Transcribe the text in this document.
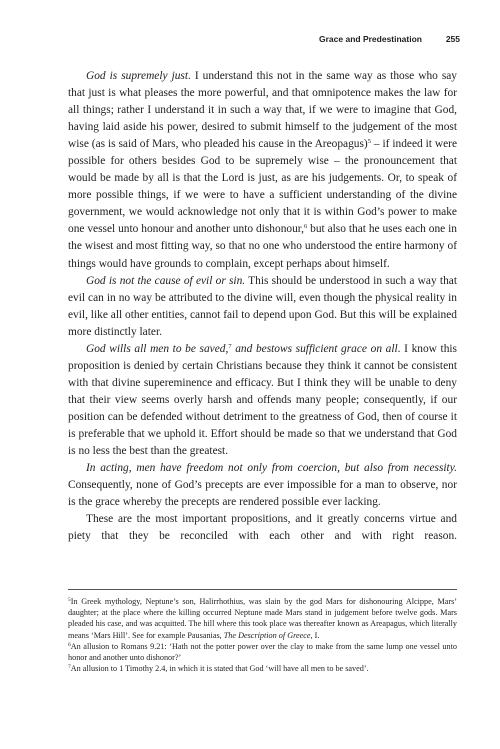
Grace and Predestination	255

God is supremely just. I understand this not in the same way as those who say that just is what pleases the more powerful, and that omnipotence makes the law for all things; rather I understand it in such a way that, if we were to imagine that God, having laid aside his power, desired to submit himself to the judgement of the most wise (as is said of Mars, who pleaded his cause in the Areopagus)$^5$ – if indeed it were possible for others besides God to be supremely wise – the pronouncement that would be made by all is that the Lord is just, as are his judgements. Or, to speak of more possible things, if we were to have a sufficient understanding of the divine government, we would acknowledge not only that it is within God’s power to make one vessel unto honour and another unto dishonour,$^6$ but also that he uses each one in the wisest and most fitting way, so that no one who understood the entire harmony of things would have grounds to complain, except perhaps about himself.

God is not the cause of evil or sin. This should be understood in such a way that evil can in no way be attributed to the divine will, even though the physical reality in evil, like all other entities, cannot fail to depend upon God. But this will be explained more distinctly later.

God wills all men to be saved,$^7$ and bestows sufficient grace on all. I know this proposition is denied by certain Christians because they think it cannot be consistent with that divine supereminence and efficacy. But I think they will be unable to deny that their view seems overly harsh and offends many people; consequently, if our position can be defended without detriment to the greatness of God, then of course it is preferable that we uphold it. Effort should be made so that we understand that God is no less the best than the greatest.

In acting, men have freedom not only from coercion, but also from necessity. Consequently, none of God’s precepts are ever impossible for a man to observe, nor is the grace whereby the precepts are rendered possible ever lacking.

These are the most important propositions, and it greatly concerns virtue and piety that they be reconciled with each other and with right reason.

$^5$In Greek mythology, Neptune’s son, Halirrhothius, was slain by the god Mars for dishonouring Alcippe, Mars’ daughter; at the place where the killing occurred Neptune made Mars stand in judgement before twelve gods. Mars pleaded his case, and was acquitted. The hill where this took place was thereafter known as Areapagus, which literally means ‘Mars Hill’. See for example Pausanias, The Description of Greece, I.

$^6$An allusion to Romans 9.21: ‘Hath not the potter power over the clay to make from the same lump one vessel unto honor and another unto dishonor?’

$^7$An allusion to 1 Timothy 2.4, in which it is stated that God ‘will have all men to be saved’.
